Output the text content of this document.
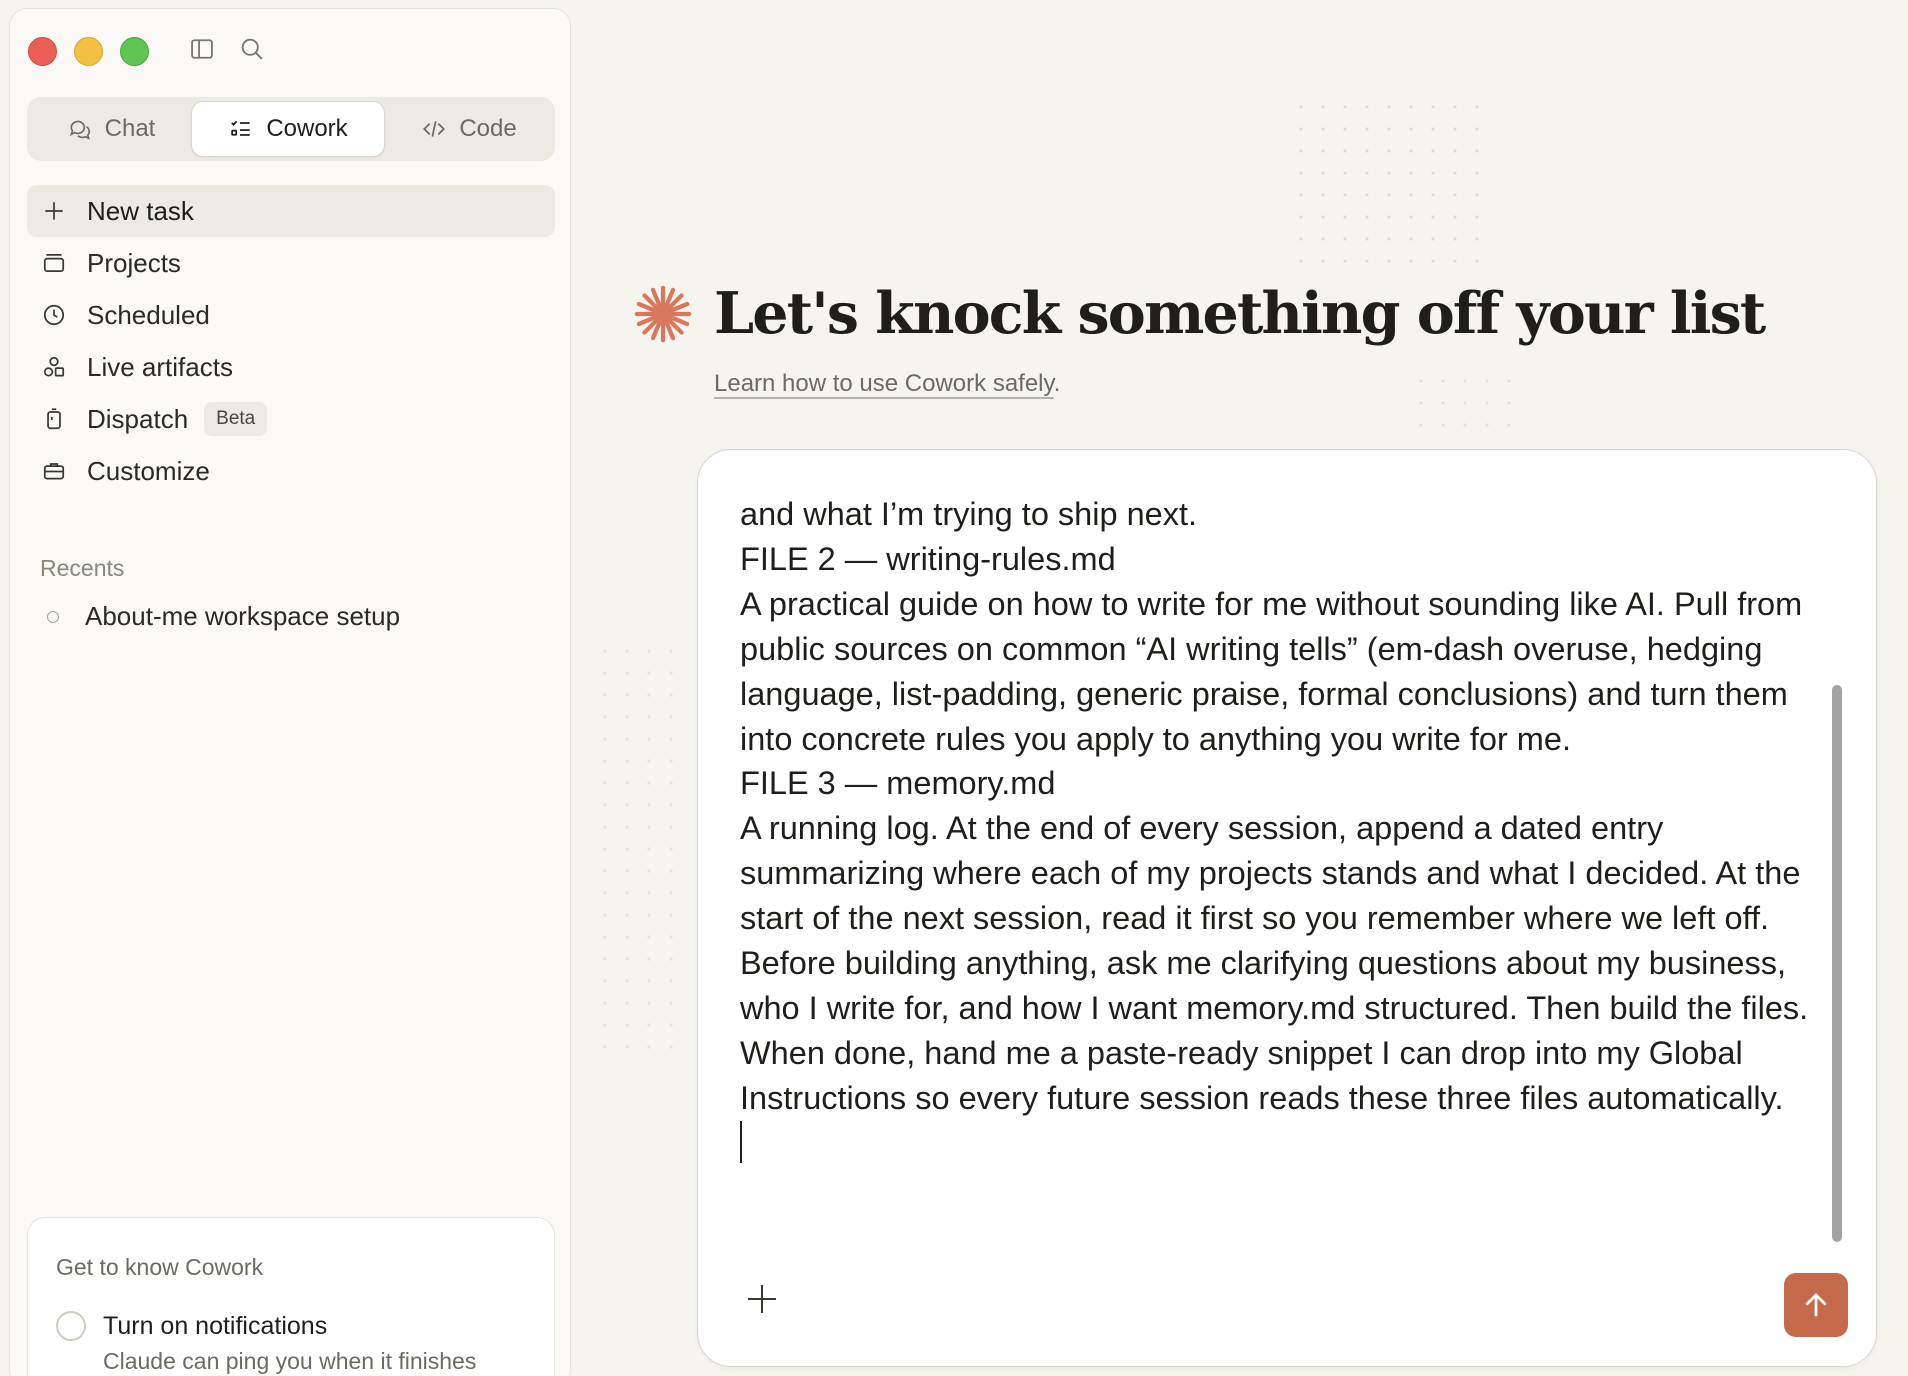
Chat	Cowork	Code
New task
Projects
Scheduled
Live artifacts
Dispatch	Beta
Customize
Recents
About-me workspace setup
Get to know Cowork
Turn on notifications
Claude can ping you when it finishes
Let's knock something off your list
Learn how to use Cowork safely.
and what I’m trying to ship next.
FILE 2 — writing-rules.md
A practical guide on how to write for me without sounding like AI. Pull from public sources on common “AI writing tells” (em-dash overuse, hedging language, list-padding, generic praise, formal conclusions) and turn them into concrete rules you apply to anything you write for me.
FILE 3 — memory.md
A running log. At the end of every session, append a dated entry summarizing where each of my projects stands and what I decided. At the start of the next session, read it first so you remember where we left off.
Before building anything, ask me clarifying questions about my business, who I write for, and how I want memory.md structured. Then build the files. When done, hand me a paste-ready snippet I can drop into my Global Instructions so every future session reads these three files automatically.
